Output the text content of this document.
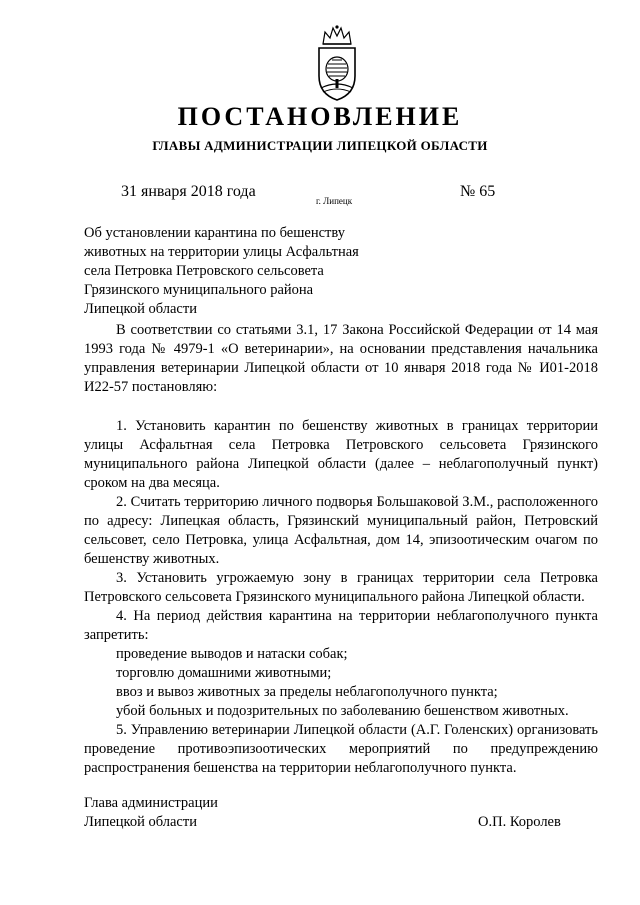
ПОСТАНОВЛЕНИЕ
ГЛАВЫ АДМИНИСТРАЦИИ ЛИПЕЦКОЙ ОБЛАСТИ
31 января 2018 года
г. Липецк
№ 65
Об установлении карантина по бешенству
животных на территории улицы Асфальтная
села Петровка Петровского сельсовета
Грязинского муниципального района
Липецкой области

В соответствии со статьями 3.1, 17 Закона Российской Федерации от 14 мая 1993 года № 4979-1 «О ветеринарии», на основании представления начальника управления ветеринарии Липецкой области от 10 января 2018 года № И01-2018 И22-57 постановляю:

1. Установить карантин по бешенству животных в границах территории улицы Асфальтная села Петровка Петровского сельсовета Грязинского муниципального района Липецкой области (далее – неблагополучный пункт) сроком на два месяца.

2. Считать территорию личного подворья Большаковой З.М., расположенного по адресу: Липецкая область, Грязинский муниципальный район, Петровский сельсовет, село Петровка, улица Асфальтная, дом 14, эпизоотическим очагом по бешенству животных.

3. Установить угрожаемую зону в границах территории села Петровка Петровского сельсовета Грязинского муниципального района Липецкой области.

4. На период действия карантина на территории неблагополучного пункта запретить:

проведение выводов и натаски собак;

торговлю домашними животными;

ввоз и вывоз животных за пределы неблагополучного пункта;

убой больных и подозрительных по заболеванию бешенством животных.

5. Управлению ветеринарии Липецкой области (А.Г. Голенских) организовать проведение противоэпизоотических мероприятий по предупреждению распространения бешенства на территории неблагополучного пункта.

Глава администрации
Липецкой области	О.П. Королев
